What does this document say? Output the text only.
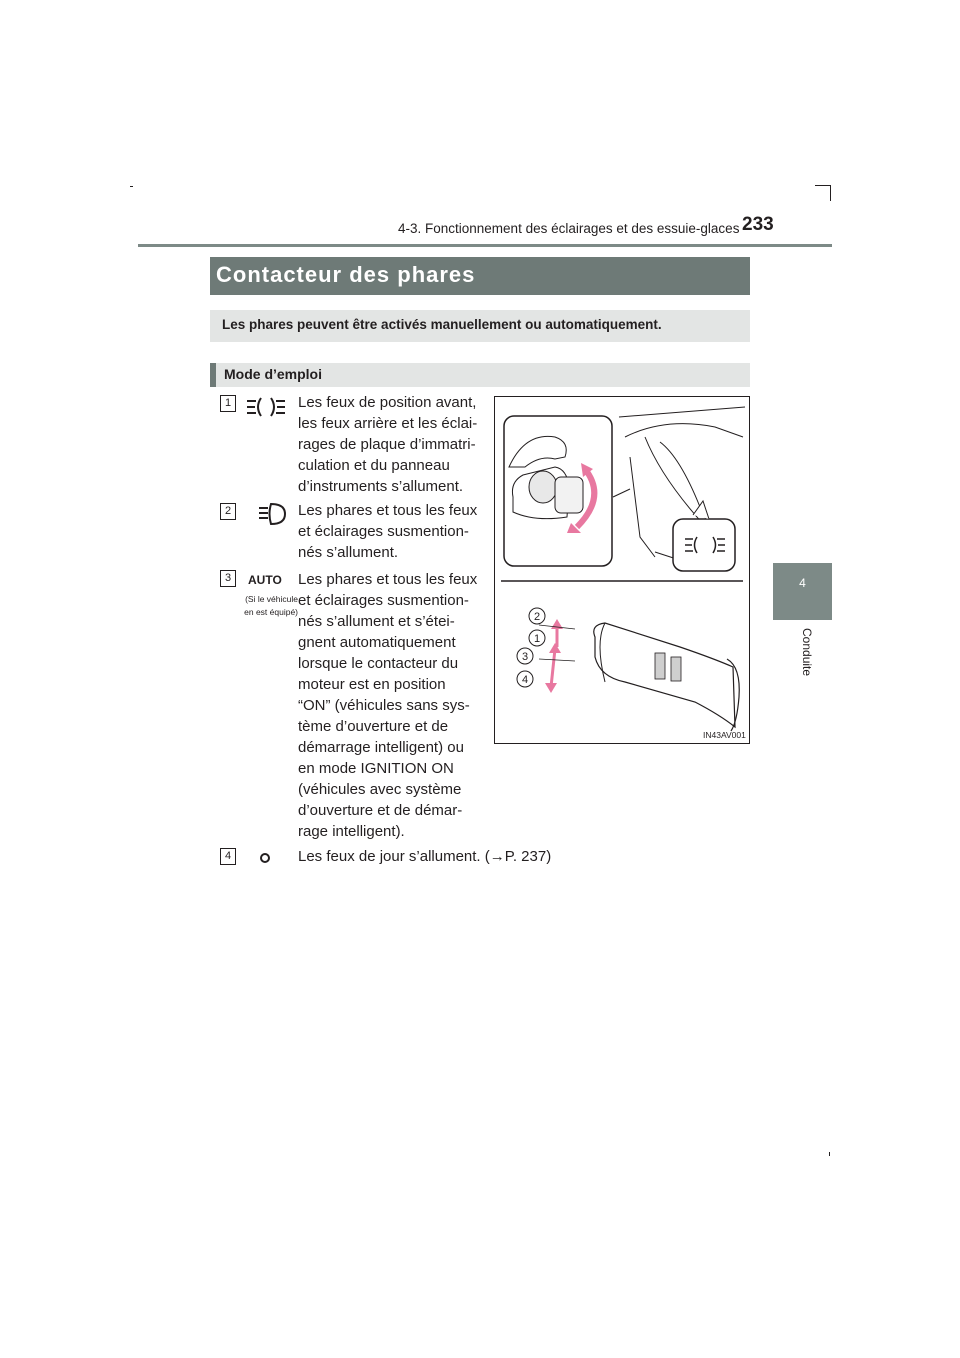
4-3. Fonctionnement des éclairages et des essuie-glaces 233
4
Conduite
Contacteur des phares
Les phares peuvent être activés manuellement ou automatiquement.
Mode d’emploi
1	Les feux de position avant,
les feux arrière et les éclai-
rages de plaque d’immatri-
culation et du panneau
d’instruments s’allument.
2	Les phares et tous les feux
et éclairages susmention-
nés s’allument.
3	AUTO
(Si le véhicule
en est équipé)
Les phares et tous les feux
et éclairages susmention-
nés s’allument et s’étei-
gnent automatiquement
lorsque le contacteur du
moteur est en position
“ON” (véhicules sans sys-
tème d’ouverture et de
démarrage intelligent) ou
en mode IGNITION ON
(véhicules avec système
d’ouverture et de démar-
rage intelligent).
4	Les feux de jour s’allument. (→P. 237)
2
1
3
4
IN43AV001
